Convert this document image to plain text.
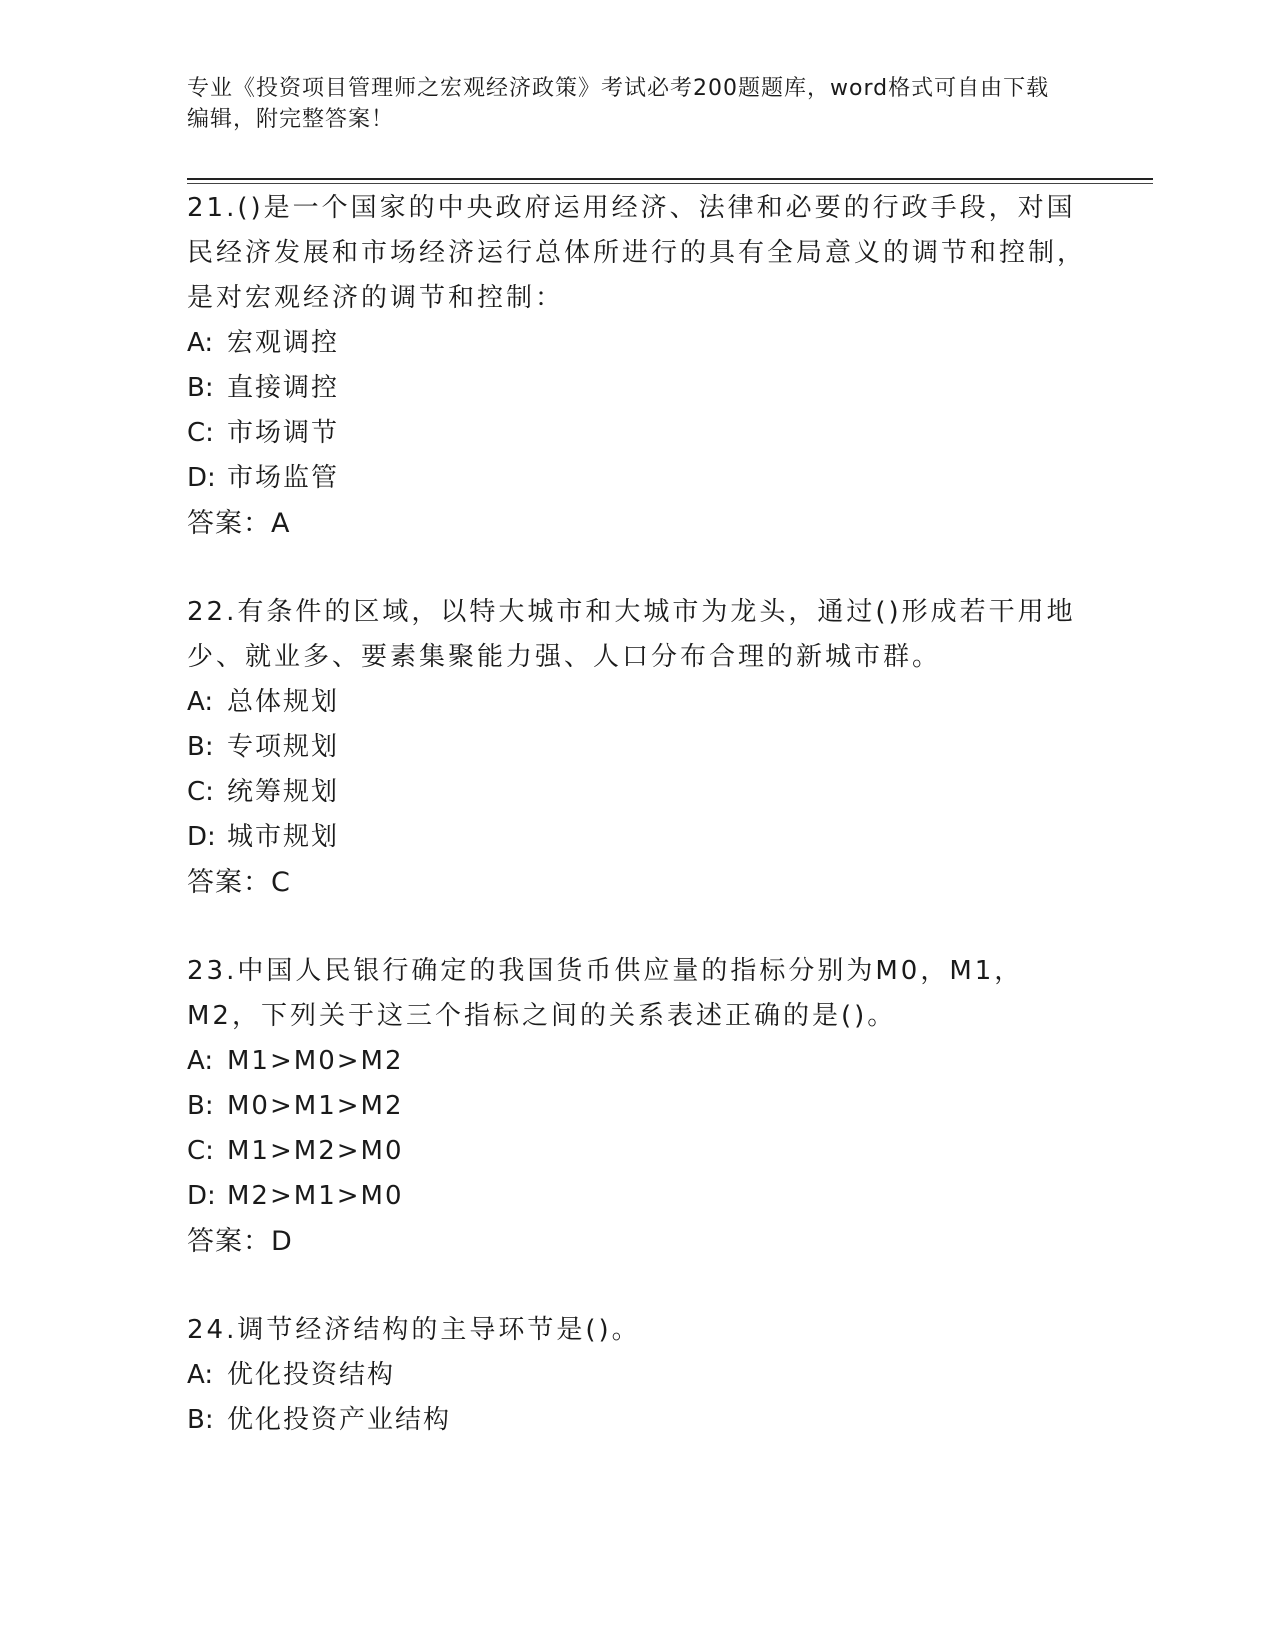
专业《投资项目管理师之宏观经济政策》考试必考200题题库，word格式可自由下载编辑，附完整答案！
21.()是一个国家的中央政府运用经济、法律和必要的行政手段，对国民经济发展和市场经济运行总体所进行的具有全局意义的调节和控制，是对宏观经济的调节和控制：
A: 宏观调控
B: 直接调控
C: 市场调节
D: 市场监管
答案：A
22.有条件的区域，以特大城市和大城市为龙头，通过()形成若干用地少、就业多、要素集聚能力强、人口分布合理的新城市群。
A: 总体规划
B: 专项规划
C: 统筹规划
D: 城市规划
答案：C
23.中国人民银行确定的我国货币供应量的指标分别为M0，M1，M2，下列关于这三个指标之间的关系表述正确的是()。
A: M1>M0>M2
B: M0>M1>M2
C: M1>M2>M0
D: M2>M1>M0
答案：D
24.调节经济结构的主导环节是()。
A: 优化投资结构
B: 优化投资产业结构
